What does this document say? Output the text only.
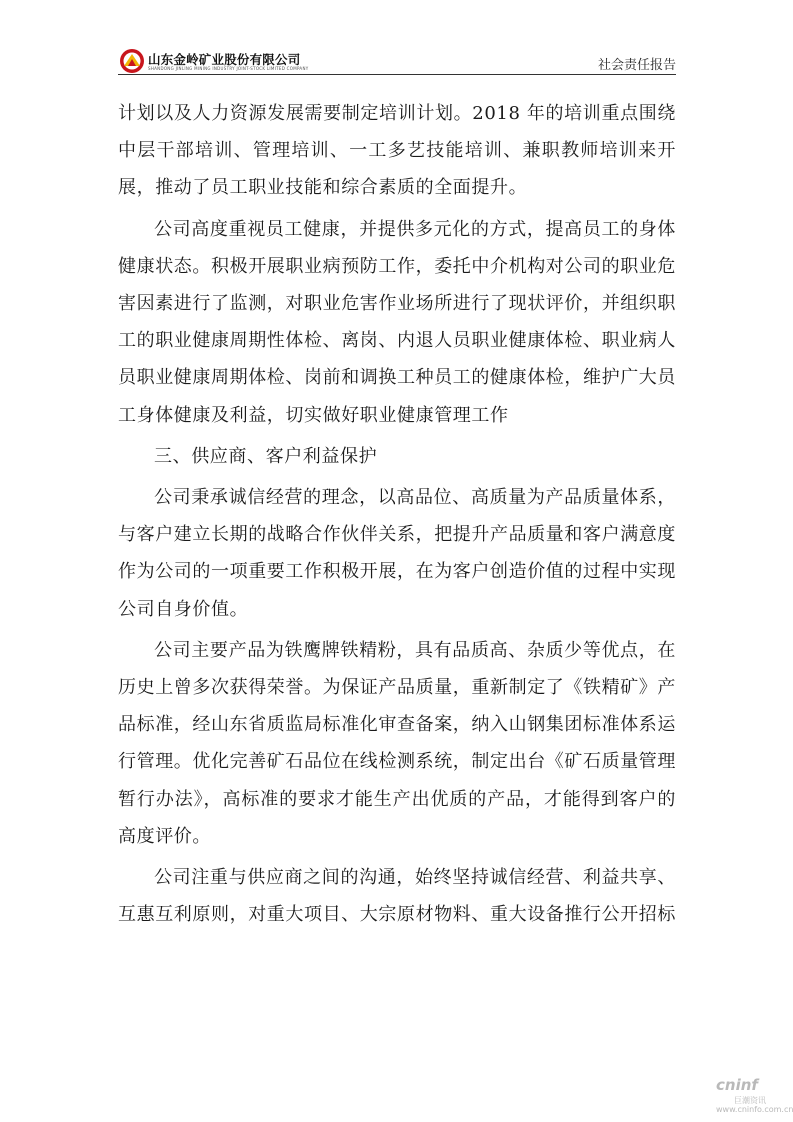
山东金岭矿业股份有限公司
SHANDONG JINLING MINING INDUSTRY JOINT-STOCK LIMITED COMPANY	社会责任报告

计划以及人力资源发展需要制定培训计划。2018 年的培训重点围绕中层干部培训、管理培训、一工多艺技能培训、兼职教师培训来开展，推动了员工职业技能和综合素质的全面提升。

公司高度重视员工健康，并提供多元化的方式，提高员工的身体健康状态。积极开展职业病预防工作，委托中介机构对公司的职业危害因素进行了监测，对职业危害作业场所进行了现状评价，并组织职工的职业健康周期性体检、离岗、内退人员职业健康体检、职业病人员职业健康周期体检、岗前和调换工种员工的健康体检，维护广大员工身体健康及利益，切实做好职业健康管理工作

三、供应商、客户利益保护

公司秉承诚信经营的理念，以高品位、高质量为产品质量体系，与客户建立长期的战略合作伙伴关系，把提升产品质量和客户满意度作为公司的一项重要工作积极开展，在为客户创造价值的过程中实现公司自身价值。

公司主要产品为铁鹰牌铁精粉，具有品质高、杂质少等优点，在历史上曾多次获得荣誉。为保证产品质量，重新制定了《铁精矿》产品标准，经山东省质监局标准化审查备案，纳入山钢集团标准体系运行管理。优化完善矿石品位在线检测系统，制定出台《矿石质量管理暂行办法》，高标准的要求才能生产出优质的产品，才能得到客户的高度评价。

公司注重与供应商之间的沟通，始终坚持诚信经营、利益共享、互惠互利原则，对重大项目、大宗原材物料、重大设备推行公开招标

cninf
巨潮资讯
www.cninfo.com.cn
